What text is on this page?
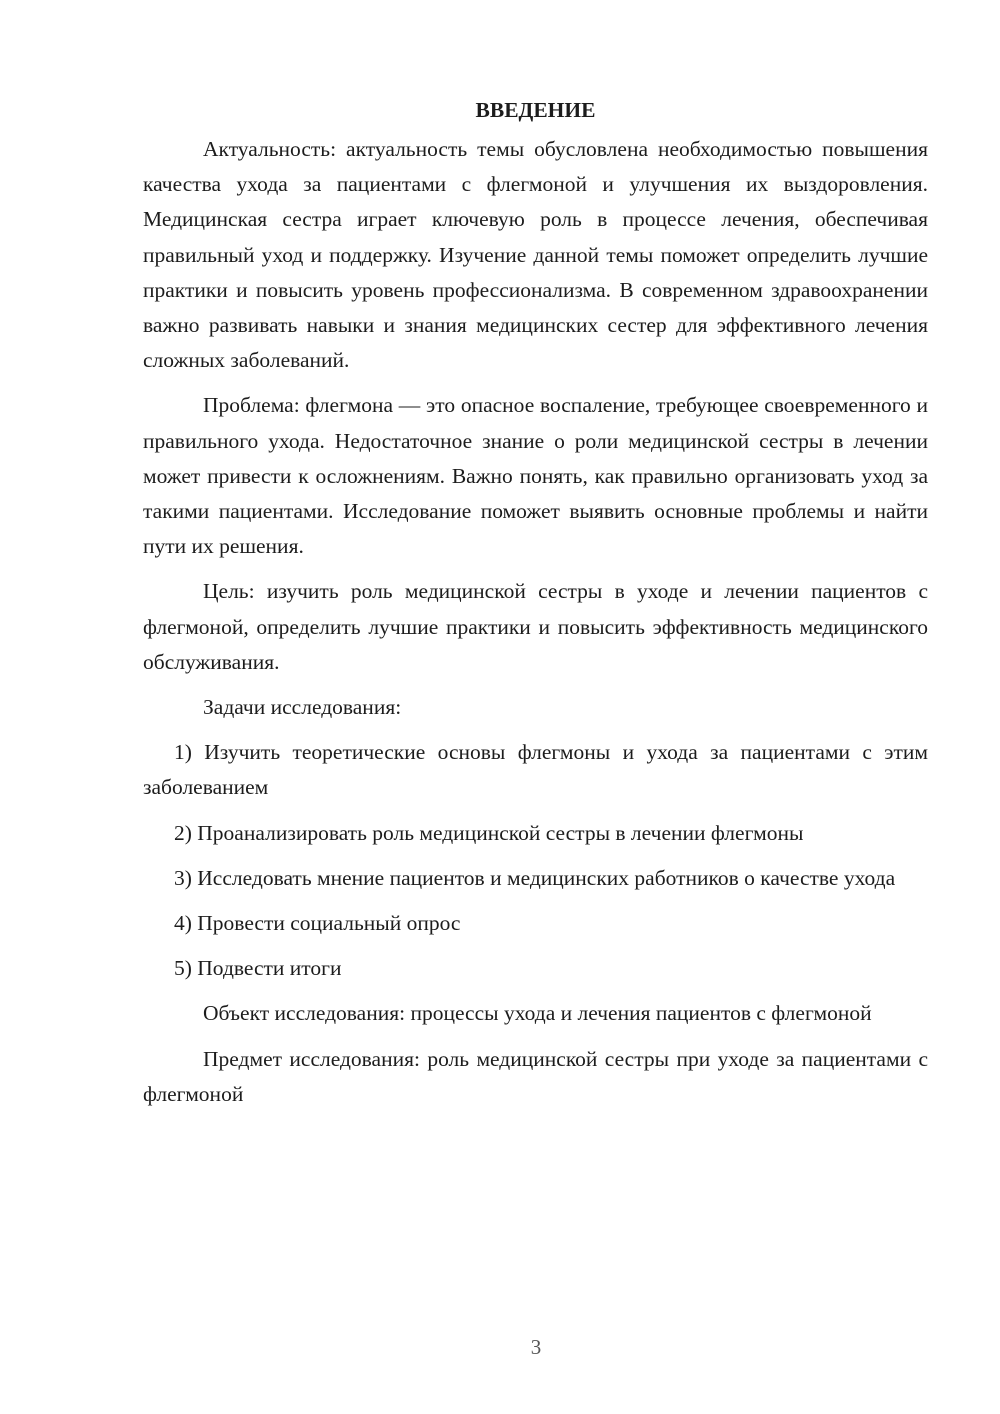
ВВЕДЕНИЕ

Актуальность: актуальность темы обусловлена необходимостью повышения качества ухода за пациентами с флегмоной и улучшения их выздоровления. Медицинская сестра играет ключевую роль в процессе лечения, обеспечивая правильный уход и поддержку. Изучение данной темы поможет определить лучшие практики и повысить уровень профессионализма. В современном здравоохранении важно развивать навыки и знания медицинских сестер для эффективного лечения сложных заболеваний.

Проблема: флегмона — это опасное воспаление, требующее своевременного и правильного ухода. Недостаточное знание о роли медицинской сестры в лечении может привести к осложнениям. Важно понять, как правильно организовать уход за такими пациентами. Исследование поможет выявить основные проблемы и найти пути их решения.

Цель: изучить роль медицинской сестры в уходе и лечении пациентов с флегмоной, определить лучшие практики и повысить эффективность медицинского обслуживания.

Задачи исследования:

1) Изучить теоретические основы флегмоны и ухода за пациентами с этим заболеванием

2) Проанализировать роль медицинской сестры в лечении флегмоны

3) Исследовать мнение пациентов и медицинских работников о качестве ухода

4) Провести социальный опрос

5) Подвести итоги

Объект исследования: процессы ухода и лечения пациентов с флегмоной

Предмет исследования: роль медицинской сестры при уходе за пациентами с флегмоной

3
